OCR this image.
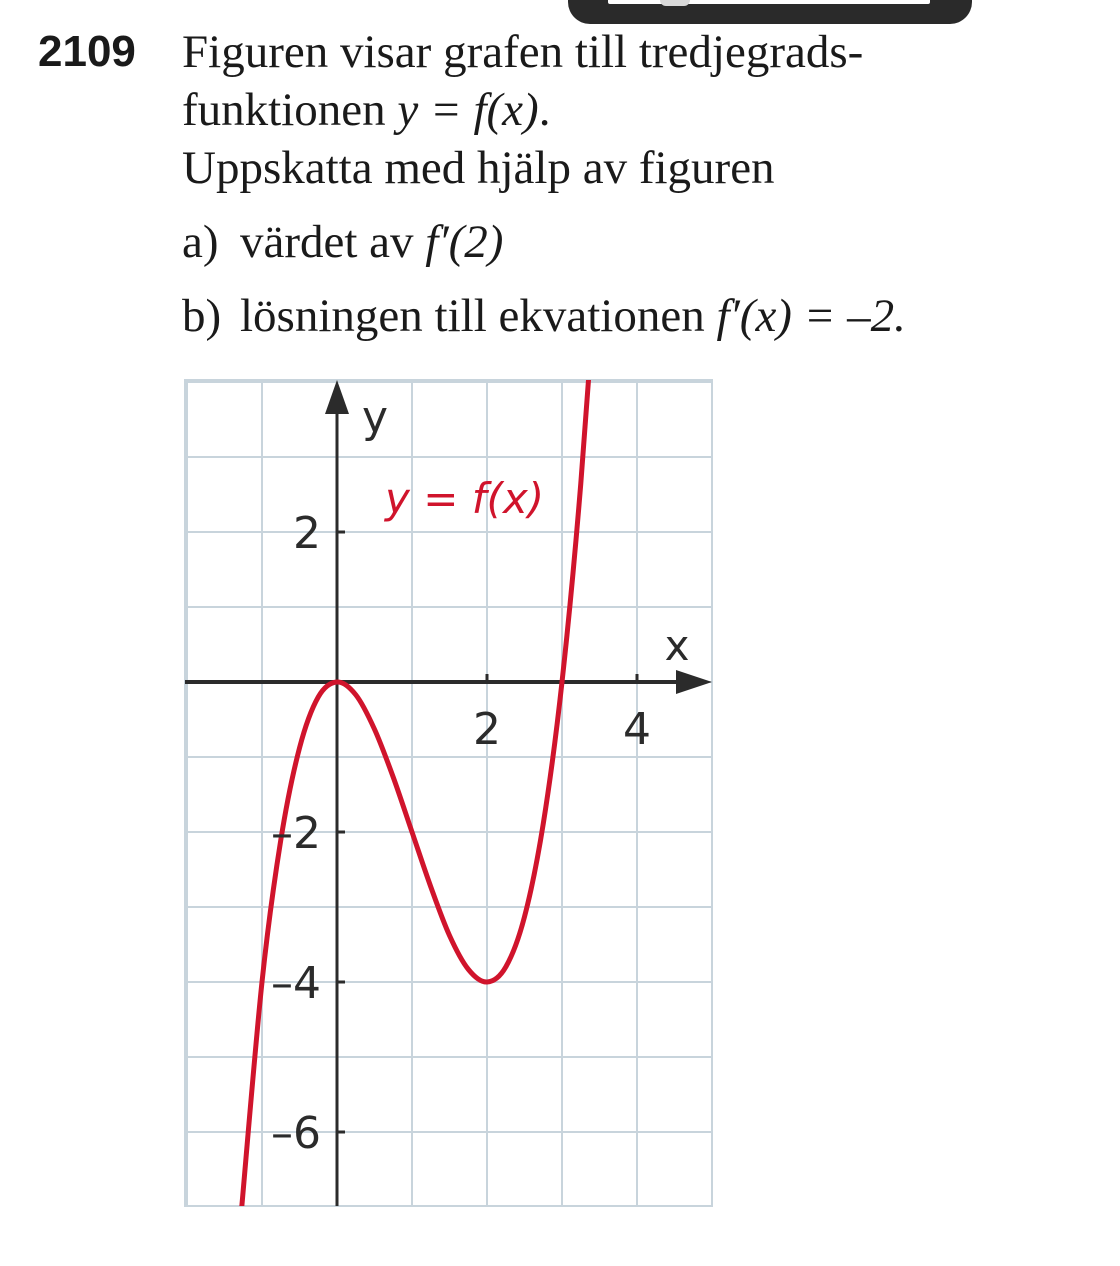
2109 Figuren visar grafen till tredjegrads-
funktionen y = f(x).
Uppskatta med hjälp av figuren
a) värdet av f′(2)
b) lösningen till ekvationen f′(x) = –2.
2	4
2
–2
–4
–6
x
y
y = f(x)
